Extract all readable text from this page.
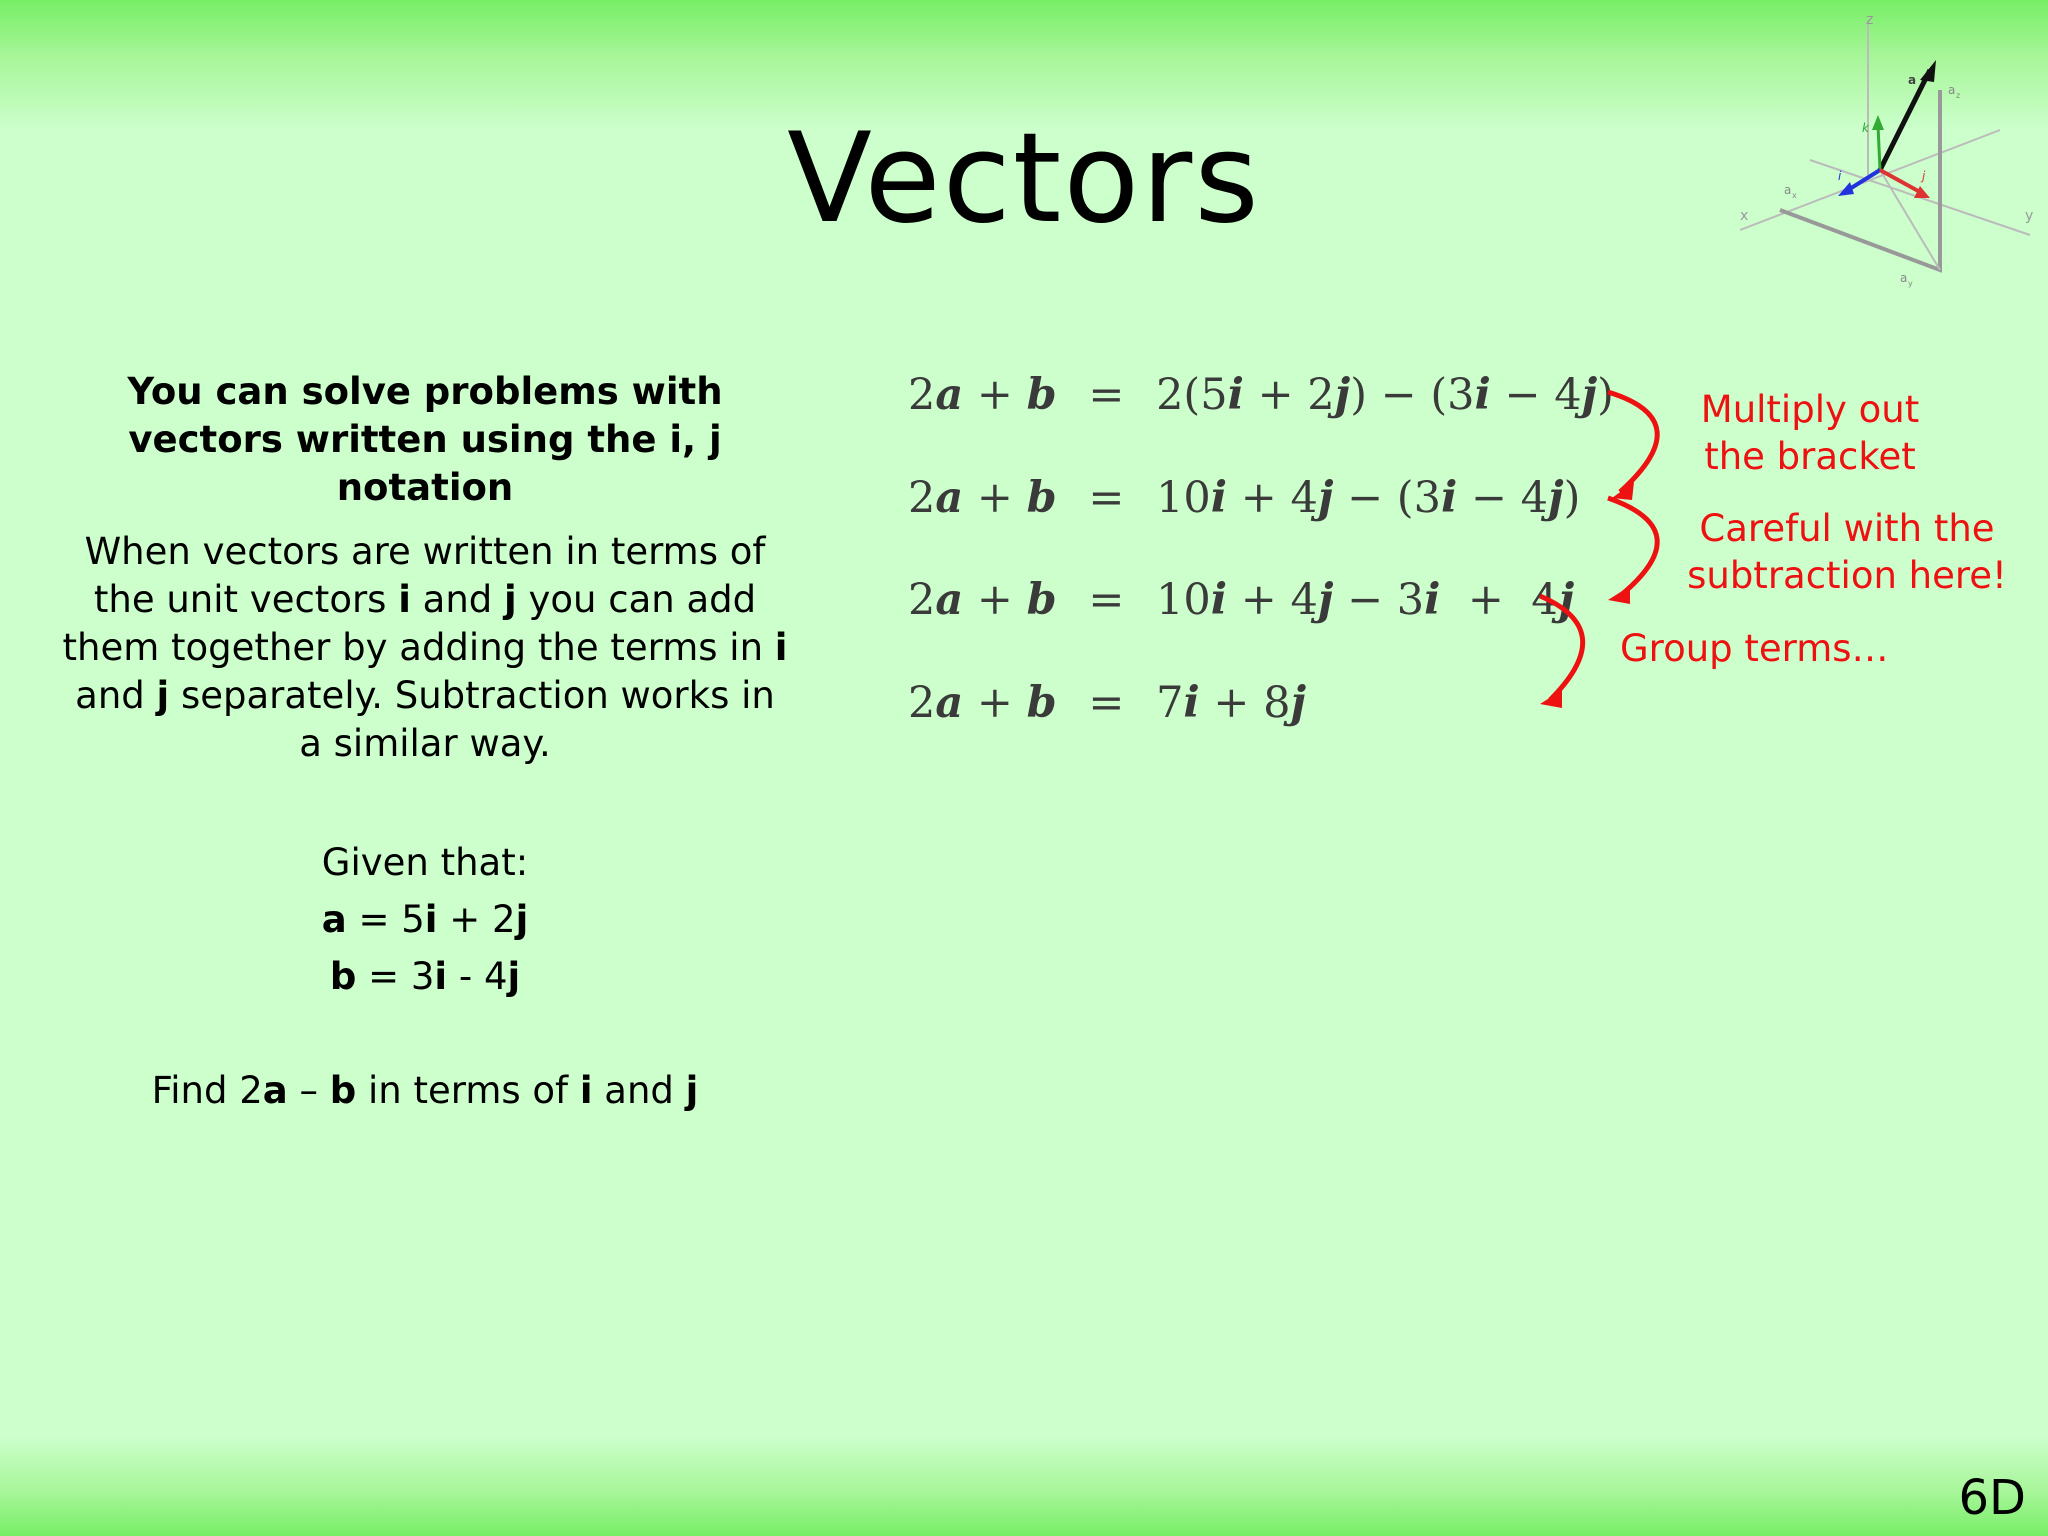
Vectors
z
y
x
a
a z
a x
a y
i	j
k
You can solve problems with vectors written using the i, j notation
When vectors are written in terms of the unit vectors i and j you can add them together by adding the terms in i and j separately. Subtraction works in a similar way.
Given that:
a = 5i + 2j
b = 3i - 4j
Find 2a – b in terms of i and j
2a + b = 2(5i + 2j) − (3i − 4j)
2a + b = 10i + 4j − (3i − 4j)
2a + b = 10i + 4j − 3i  +  4j
2a + b = 7i + 8j
Multiply out
the bracket
Careful with the
subtraction here!
Group terms…
6D
